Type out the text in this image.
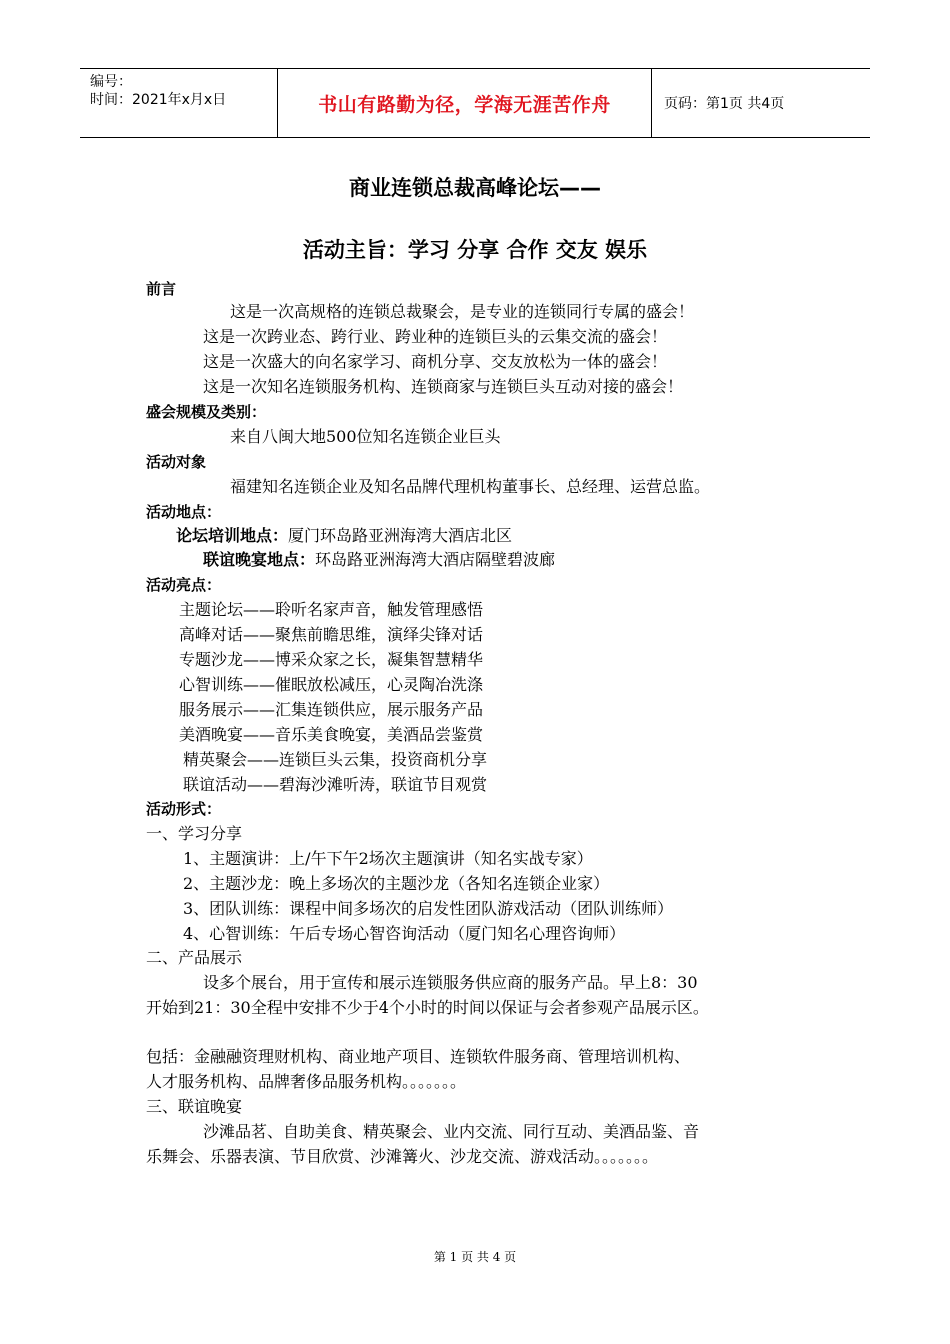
编号：
时间：2021年x月x日	书山有路勤为径，学海无涯苦作舟	页码：第1页 共4页
商业连锁总裁高峰论坛——
活动主旨：学习 分享 合作 交友 娱乐
前言
这是一次高规格的连锁总裁聚会，是专业的连锁同行专属的盛会！
这是一次跨业态、跨行业、跨业种的连锁巨头的云集交流的盛会！
这是一次盛大的向名家学习、商机分享、交友放松为一体的盛会！
这是一次知名连锁服务机构、连锁商家与连锁巨头互动对接的盛会！
盛会规模及类别：
来自八闽大地500位知名连锁企业巨头
活动对象
福建知名连锁企业及知名品牌代理机构董事长、总经理、运营总监。
活动地点：
论坛培训地点：厦门环岛路亚洲海湾大酒店北区
联谊晚宴地点：环岛路亚洲海湾大酒店隔壁碧波廊
活动亮点：
主题论坛——聆听名家声音，触发管理感悟
高峰对话——聚焦前瞻思维，演绎尖锋对话
专题沙龙——博采众家之长，凝集智慧精华
心智训练——催眠放松减压，心灵陶冶洗涤
服务展示——汇集连锁供应，展示服务产品
美酒晚宴——音乐美食晚宴，美酒品尝鉴赏
精英聚会——连锁巨头云集，投资商机分享
联谊活动——碧海沙滩听涛，联谊节目观赏
活动形式：
一、学习分享
1、主题演讲：上/午下午2场次主题演讲（知名实战专家）
2、主题沙龙：晚上多场次的主题沙龙（各知名连锁企业家）
3、团队训练：课程中间多场次的启发性团队游戏活动（团队训练师）
4、心智训练：午后专场心智咨询活动（厦门知名心理咨询师）
二、产品展示
设多个展台，用于宣传和展示连锁服务供应商的服务产品。早上8：30
开始到21：30全程中安排不少于4个小时的时间以保证与会者参观产品展示区。
包括：金融融资理财机构、商业地产项目、连锁软件服务商、管理培训机构、
人才服务机构、品牌奢侈品服务机构。。。。。。。
三、联谊晚宴
沙滩品茗、自助美食、精英聚会、业内交流、同行互动、美酒品鉴、音
乐舞会、乐器表演、节目欣赏、沙滩篝火、沙龙交流、游戏活动。。。。。。。
第 1 页 共 4 页
